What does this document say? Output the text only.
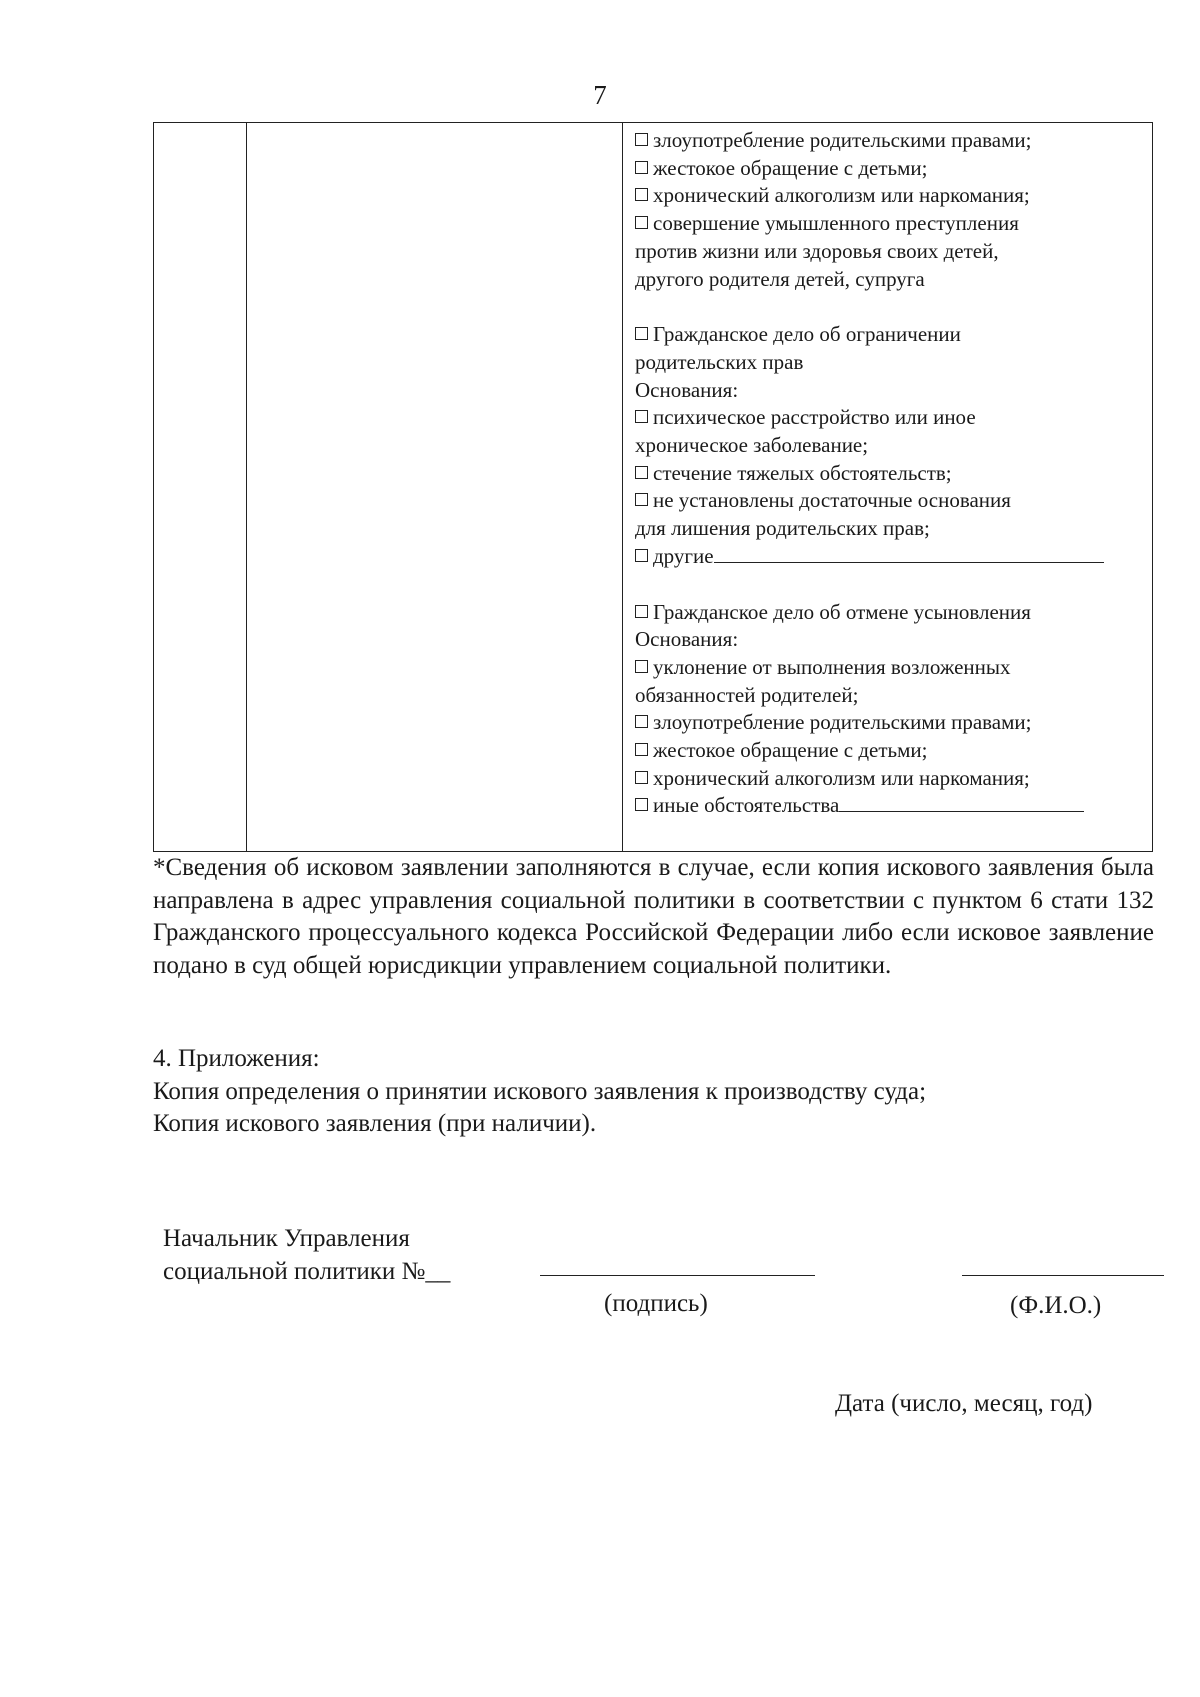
7

злоупотребление родительскими правами;
жестокое обращение с детьми;
хронический алкоголизм или наркомания;
совершение умышленного преступления
против жизни или здоровья своих детей,
другого родителя детей, супруга
Гражданское дело об ограничении
родительских прав
Основания:
психическое расстройство или иное
хроническое заболевание;
стечение тяжелых обстоятельств;
не установлены достаточные основания
для лишения родительских прав;
другие
Гражданское дело об отмене усыновления
Основания:
уклонение от выполнения возложенных
обязанностей родителей;
злоупотребление родительскими правами;
жестокое обращение с детьми;
хронический алкоголизм или наркомания;
иные обстоятельства
*Сведения об исковом заявлении заполняются в случае, если копия искового заявления была направлена в адрес управления социальной политики в соответствии с пунктом 6 стати 132 Гражданского процессуального кодекса Российской Федерации либо если исковое заявление подано в суд общей юрисдикции управлением социальной политики.
4. Приложения:
Копия определения о принятии искового заявления к производству суда;
Копия искового заявления (при наличии).
Начальник Управления
социальной политики №__
(подпись)	(Ф.И.О.)
Дата (число, месяц, год)
